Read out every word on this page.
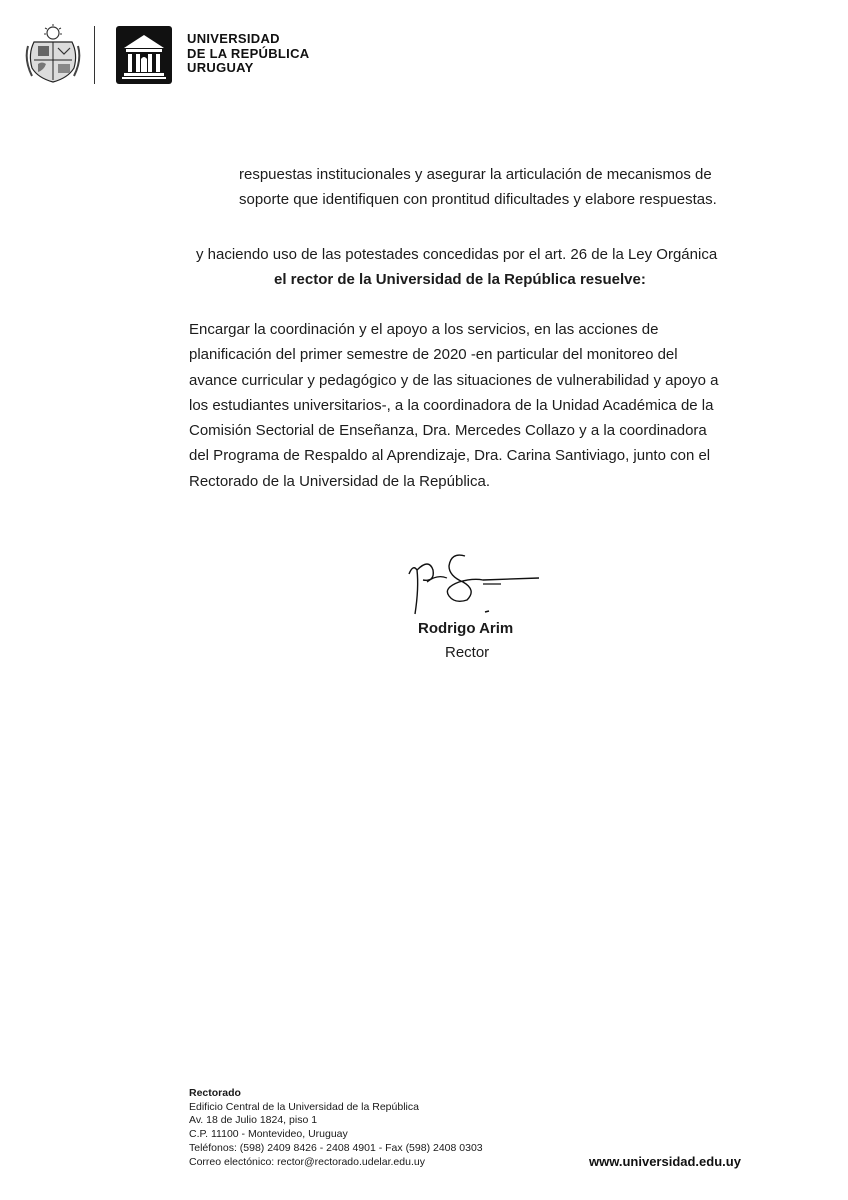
UNIVERSIDAD
DE LA REPÚBLICA
URUGUAY
respuestas institucionales y asegurar la articulación de mecanismos de
soporte que identifiquen con prontitud dificultades y elabore respuestas.
y haciendo uso de las potestades concedidas por el art. 26 de la Ley Orgánica
el rector de la Universidad de la República resuelve:
Encargar la coordinación y el apoyo a los servicios, en las acciones de
planificación del primer semestre de 2020 -en particular del monitoreo del
avance curricular y pedagógico y de las situaciones de vulnerabilidad y apoyo a
los estudiantes universitarios-, a la coordinadora de la Unidad Académica de la
Comisión Sectorial de Enseñanza, Dra. Mercedes Collazo y a la coordinadora
del Programa de Respaldo al Aprendizaje, Dra. Carina Santiviago, junto con el
Rectorado de la Universidad de la República.
Rodrigo Arim
Rector
Rectorado
Edificio Central de la Universidad de la República
Av. 18 de Julio 1824, piso 1
C.P. 11100 - Montevideo, Uruguay
Teléfonos: (598) 2409 8426 - 2408 4901 - Fax (598) 2408 0303
Correo electónico: rector@rectorado.udelar.edu.uy	www.universidad.edu.uy
